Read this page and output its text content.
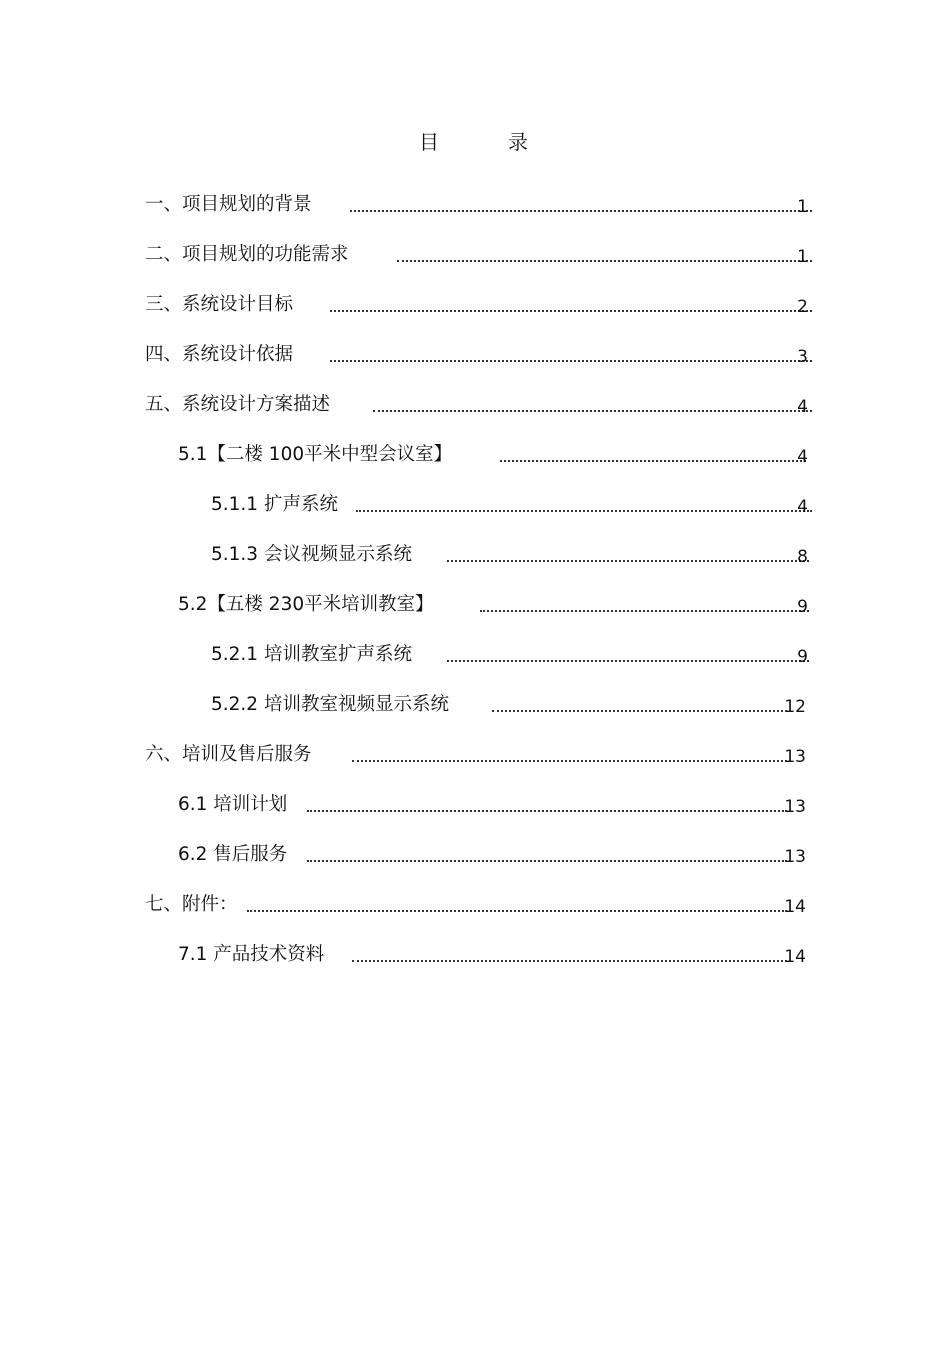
目	录
一、项目规划的背景	1
二、项目规划的功能需求	1
三、系统设计目标	2
四、系统设计依据	3
五、系统设计方案描述	4
5.1【二楼 100平米中型会议室】	4
5.1.1 扩声系统	4
5.1.3 会议视频显示系统	8
5.2【五楼 230平米培训教室】	9
5.2.1 培训教室扩声系统	9
5.2.2 培训教室视频显示系统	12
六、培训及售后服务	13
6.1 培训计划	13
6.2 售后服务	13
七、附件：	14
7.1 产品技术资料	14
